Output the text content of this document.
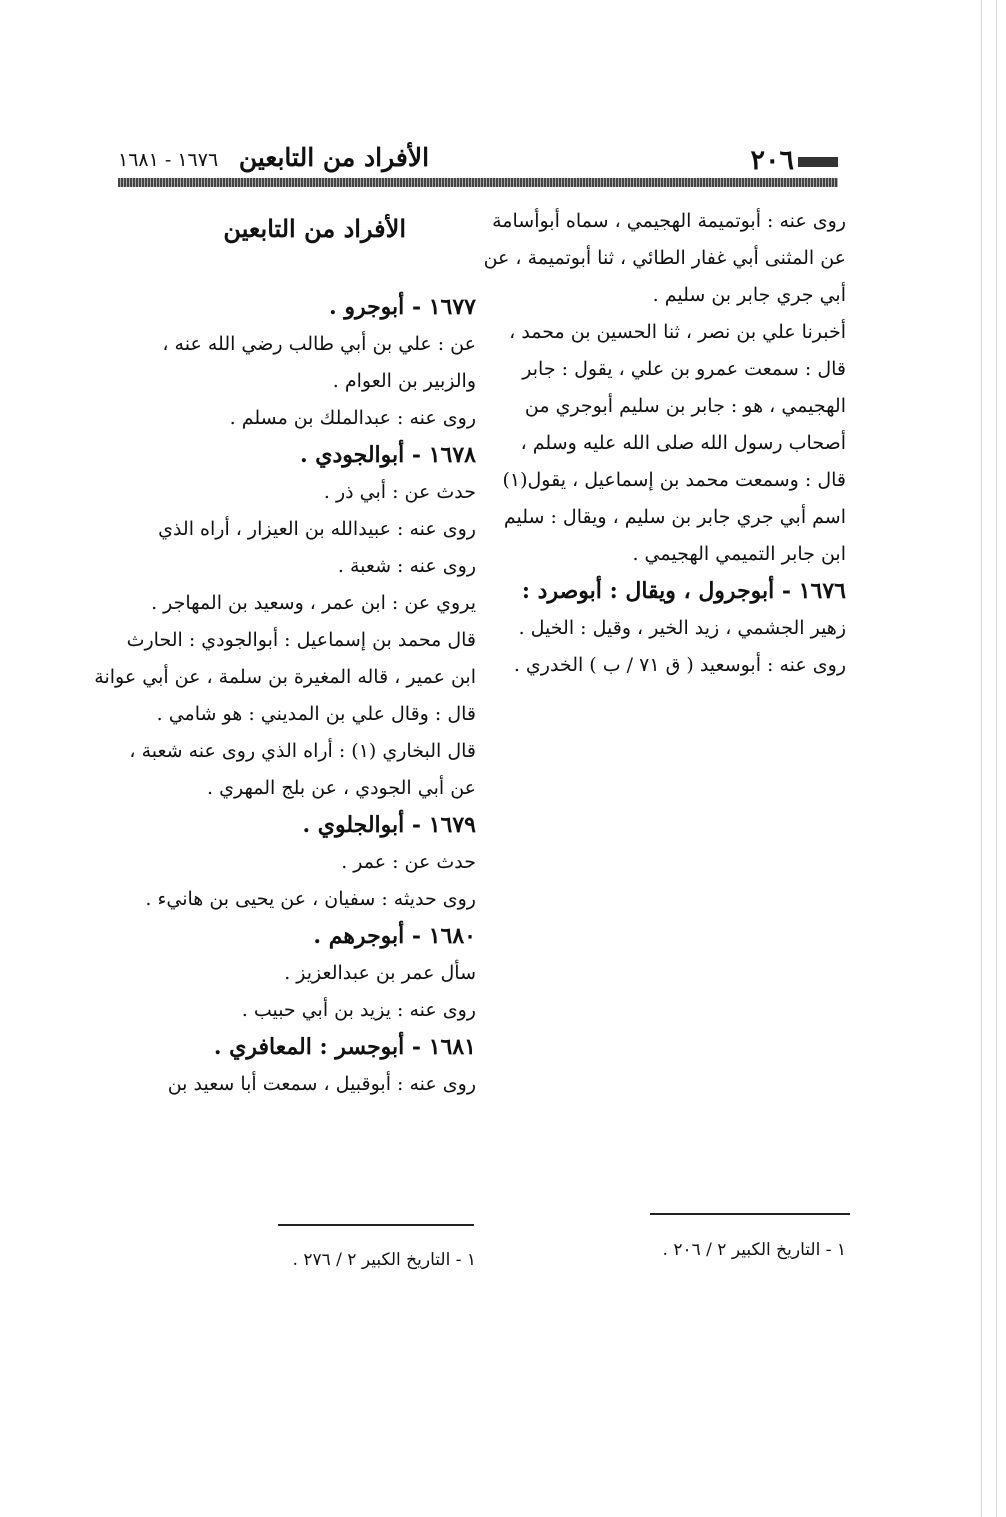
٢٠٦
الأفراد من التابعين ١٦٧٦ - ١٦٨١
روى عنه : أبوتميمة الهجيمي ، سماه أبوأسامة
عن المثنى أبي غفار الطائي ، ثنا أبوتميمة ، عن
أبي جري جابر بن سليم .
أخبرنا علي بن نصر ، ثنا الحسين بن محمد ،
قال : سمعت عمرو بن علي ، يقول : جابر
الهجيمي ، هو : جابر بن سليم أبوجري من
أصحاب رسول الله صلى الله عليه وسلم ،
قال : وسمعت محمد بن إسماعيل ، يقول(١)
اسم أبي جري جابر بن سليم ، ويقال : سليم
ابن جابر التميمي الهجيمي .
١٦٧٦ - أبوجرول ، ويقال : أبوصرد :
زهير الجشمي ، زيد الخير ، وقيل : الخيل .
روى عنه : أبوسعيد ( ق ٧١ / ب ) الخدري .
الأفراد من التابعين
١٦٧٧ - أبوجرو .
عن : علي بن أبي طالب رضي الله عنه ،
والزبير بن العوام .
روى عنه : عبدالملك بن مسلم .
١٦٧٨ - أبوالجودي .
حدث عن : أبي ذر .
روى عنه : عبيدالله بن العيزار ، أراه الذي
روى عنه : شعبة .
يروي عن : ابن عمر ، وسعيد بن المهاجر .
قال محمد بن إسماعيل : أبوالجودي : الحارث
ابن عمير ، قاله المغيرة بن سلمة ، عن أبي عوانة
قال : وقال علي بن المديني : هو شامي .
قال البخاري (١) : أراه الذي روى عنه شعبة ،
عن أبي الجودي ، عن بلج المهري .
١٦٧٩ - أبوالجلوي .
حدث عن : عمر .
روى حديثه : سفيان ، عن يحيى بن هانيء .
١٦٨٠ - أبوجرهم .
سأل عمر بن عبدالعزيز .
روى عنه : يزيد بن أبي حبيب .
١٦٨١ - أبوجسر : المعافري .
روى عنه : أبوقبيل ، سمعت أبا سعيد بن
١ - التاريخ الكبير ٢ / ٢٠٦ .
١ - التاريخ الكبير ٢ / ٢٧٦ .
